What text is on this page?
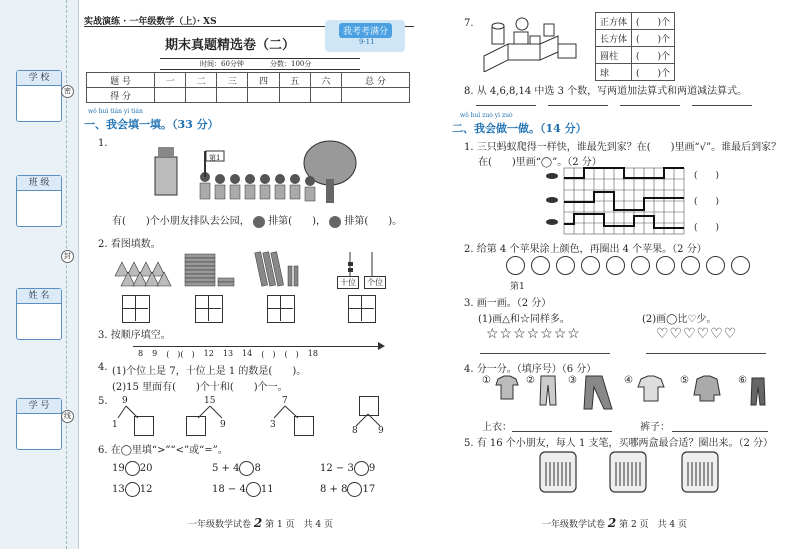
学 校
班 级
姓 名
学 号
密
封
线
实战演练 · 一年级数学（上）· XS
期末真题精选卷（二）
我考考满分
9·11
时间：60分钟	分数：100分
题 号	一	二	三	四	五	六	总 分
得 分							
wǒ huì tián yi tián
一、我会填一填。（33 分）
1.
第1
有(　　)个小朋友排队去公园， 排第(　　)， 排第(　　)。
2. 看图填数。
十位	个位
3. 按顺序填空。
8 9 (　)(　) 12 13 14 (　) (　) 18
4. (1)个位上是 7，十位上是 1 的数是(　　)。
(2)15 里面有(　　)个十和(　　)个一。
5. 9
1
15
9
7
3
8 9
6. 在◯里填“>”“<”或“=”。
19 20	5 + 4 8	12 − 3 9
13 12	18 − 4 11	8 + 8 17
一年级数学试卷 2 第 1 页　共 4 页
7.	正方体	(　　)个
长方体	(　　)个
圆柱	(　　)个
球	(　　)个
8. 从 4,6,8,14 中选 3 个数，写两道加法算式和两道减法算式。
wǒ huì zuò yi zuò
二、我会做一做。（14 分）
1. 三只蚂蚁爬得一样快，谁最先到家？在(　　)里画“√”。谁最后到家？
在(　　)里画“◯”。（2 分）
(　　)
(　　)
(　　)
2. 给第 4 个苹果涂上颜色，再圈出 4 个苹果。（2 分）
第1
3. 画一画。（2 分）
(1)画△和☆同样多。	(2)画◯比♡少。
☆☆☆☆☆☆☆	♡♡♡♡♡♡
4. 分一分。（填序号）（6 分）
①	②	③	④	⑤	⑥
上衣：	裤子：
5. 有 16 个小朋友，每人 1 支笔，买哪两盒最合适？圈出来。（2 分）
一年级数学试卷 2 第 2 页　共 4 页
